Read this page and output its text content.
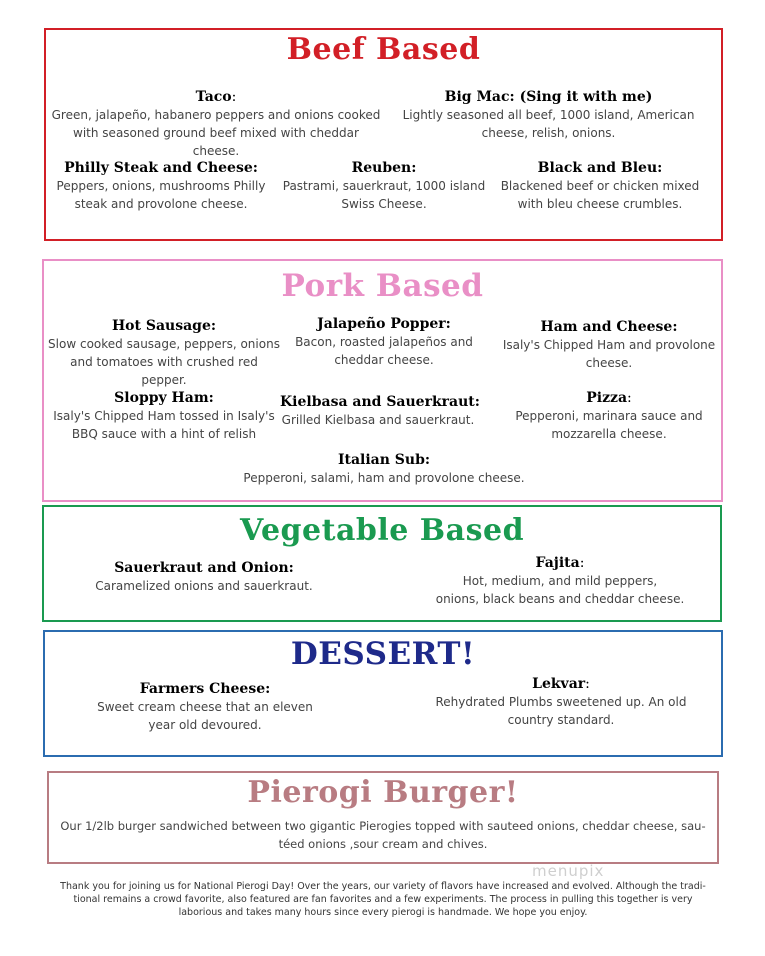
Beef Based
Taco:
Green, jalapeño, habanero peppers and onions cooked
with seasoned ground beef mixed with cheddar cheese.
Big Mac: (Sing it with me)
Lightly seasoned all beef, 1000 island, American
cheese, relish, onions.
Philly Steak and Cheese:
Peppers, onions, mushrooms Philly
steak and provolone cheese.
Reuben:
Pastrami, sauerkraut, 1000 island
Swiss Cheese.
Black and Bleu:
Blackened beef or chicken mixed
with bleu cheese crumbles.
Pork Based
Hot Sausage:
Slow cooked sausage, peppers, onions
and tomatoes with crushed red pepper.
Jalapeño Popper:
Bacon, roasted jalapeños and
cheddar cheese.
Ham and Cheese:
Isaly's Chipped Ham and provolone
cheese.
Sloppy Ham:
Isaly's Chipped Ham tossed in Isaly's
BBQ sauce with a hint of relish
Kielbasa and Sauerkraut:
Grilled Kielbasa and sauerkraut.
Pizza:
Pepperoni, marinara sauce and
mozzarella cheese.
Italian Sub:
Pepperoni, salami, ham and provolone cheese.
Vegetable Based
Sauerkraut and Onion:
Caramelized onions and sauerkraut.
Fajita:
Hot, medium, and mild peppers,
onions, black beans and cheddar cheese.
DESSERT!
Farmers Cheese:
Sweet cream cheese that an eleven
year old devoured.
Lekvar:
Rehydrated Plumbs sweetened up. An old
country standard.
Pierogi Burger!
Our 1/2lb burger sandwiched between two gigantic Pierogies topped with sauteed onions, cheddar cheese, sau-
téed onions ,sour cream and chives.
menupix
Thank you for joining us for National Pierogi Day! Over the years, our variety of flavors have increased and evolved. Although the tradi-
tional remains a crowd favorite, also featured are fan favorites and a few experiments. The process in pulling this together is very
laborious and takes many hours since every pierogi is handmade. We hope you enjoy.
